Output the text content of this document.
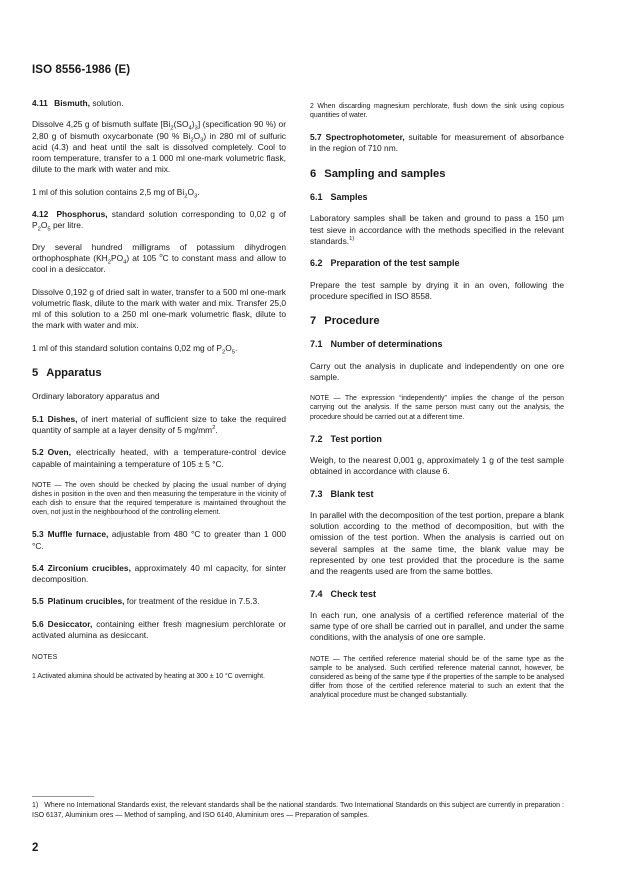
ISO 8556-1986 (E)
4.11 Bismuth, solution.

Dissolve 4,25 g of bismuth sulfate $[Bi_2(SO_4)_3]$ (specification 90 %) or 2,80 g of bismuth oxycarbonate (90 % $Bi_2O_3$) in 280 ml of sulfuric acid (4.3) and heat until the salt is dissolved completely. Cool to room temperature, transfer to a 1 000 ml one-mark volumetric flask, dilute to the mark with water and mix.

1 ml of this solution contains 2,5 mg of $Bi_2O_3$.

4.12 Phosphorus, standard solution corresponding to 0,02 g of $P_2O_5$ per litre.

Dry several hundred milligrams of potassium dihydrogen orthophosphate $(KH_2PO_4)$ at 105 $^o$C to constant mass and allow to cool in a desiccator.

Dissolve 0,192 g of dried salt in water, transfer to a 500 ml one-mark volumetric flask, dilute to the mark with water and mix. Transfer 25,0 ml of this solution to a 250 ml one-mark volumetric flask, dilute to the mark with water and mix.

1 ml of this standard solution contains 0,02 mg of $P_2O_5$.

5 Apparatus

Ordinary laboratory apparatus and

5.1 Dishes, of inert material of sufficient size to take the required quantity of sample at a layer density of 5 $mg/mm^2$.

5.2 Oven, electrically heated, with a temperature-control device capable of maintaining a temperature of 105 ± 5 °C.

NOTE — The oven should be checked by placing the usual number of drying dishes in position in the oven and then measuring the temperature in the vicinity of each dish to ensure that the required temperature is maintained throughout the oven, not just in the neighbourhood of the controlling element.

5.3 Muffle furnace, adjustable from 480 °C to greater than 1 000 °C.

5.4 Zirconium crucibles, approximately 40 ml capacity, for sinter decomposition.

5.5 Platinum crucibles, for treatment of the residue in 7.5.3.

5.6 Desiccator, containing either fresh magnesium perchlorate or activated alumina as desiccant.

NOTES
1 Activated alumina should be activated by heating at 300 ± 10 °C overnight.
2 When discarding magnesium perchlorate, flush down the sink using copious quantities of water.

5.7 Spectrophotometer, suitable for measurement of absorbance in the region of 710 nm.

6 Sampling and samples
6.1 Samples

Laboratory samples shall be taken and ground to pass a 150 µm test sieve in accordance with the methods specified in the relevant standards.$^{1)}$

6.2 Preparation of the test sample

Prepare the test sample by drying it in an oven, following the procedure specified in ISO 8558.

7 Procedure
7.1 Number of determinations

Carry out the analysis in duplicate and independently on one ore sample.

NOTE — The expression “independently” implies the change of the person carrying out the analysis. If the same person must carry out the analysis, the procedure should be carried out at a different time.
7.2 Test portion

Weigh, to the nearest 0,001 g, approximately 1 g of the test sample obtained in accordance with clause 6.

7.3 Blank test

In parallel with the decomposition of the test portion, prepare a blank solution according to the method of decomposition, but with the omission of the test portion. When the analysis is carried out on several samples at the same time, the blank value may be represented by one test provided that the procedure is the same and the reagents used are from the same bottles.

7.4 Check test

In each run, one analysis of a certified reference material of the same type of ore shall be carried out in parallel, and under the same conditions, with the analysis of one ore sample.

NOTE — The certified reference material should be of the same type as the sample to be analysed. Such certified reference material cannot, however, be considered as being of the same type if the properties of the sample to be analysed differ from those of the certified reference material to such an extent that the analytical procedure must be changed substantially.
1) Where no International Standards exist, the relevant standards shall be the national standards. Two International Standards on this subject are currently in preparation : ISO 6137, Aluminium ores — Method of sampling, and ISO 6140, Aluminium ores — Preparation of samples.
2
